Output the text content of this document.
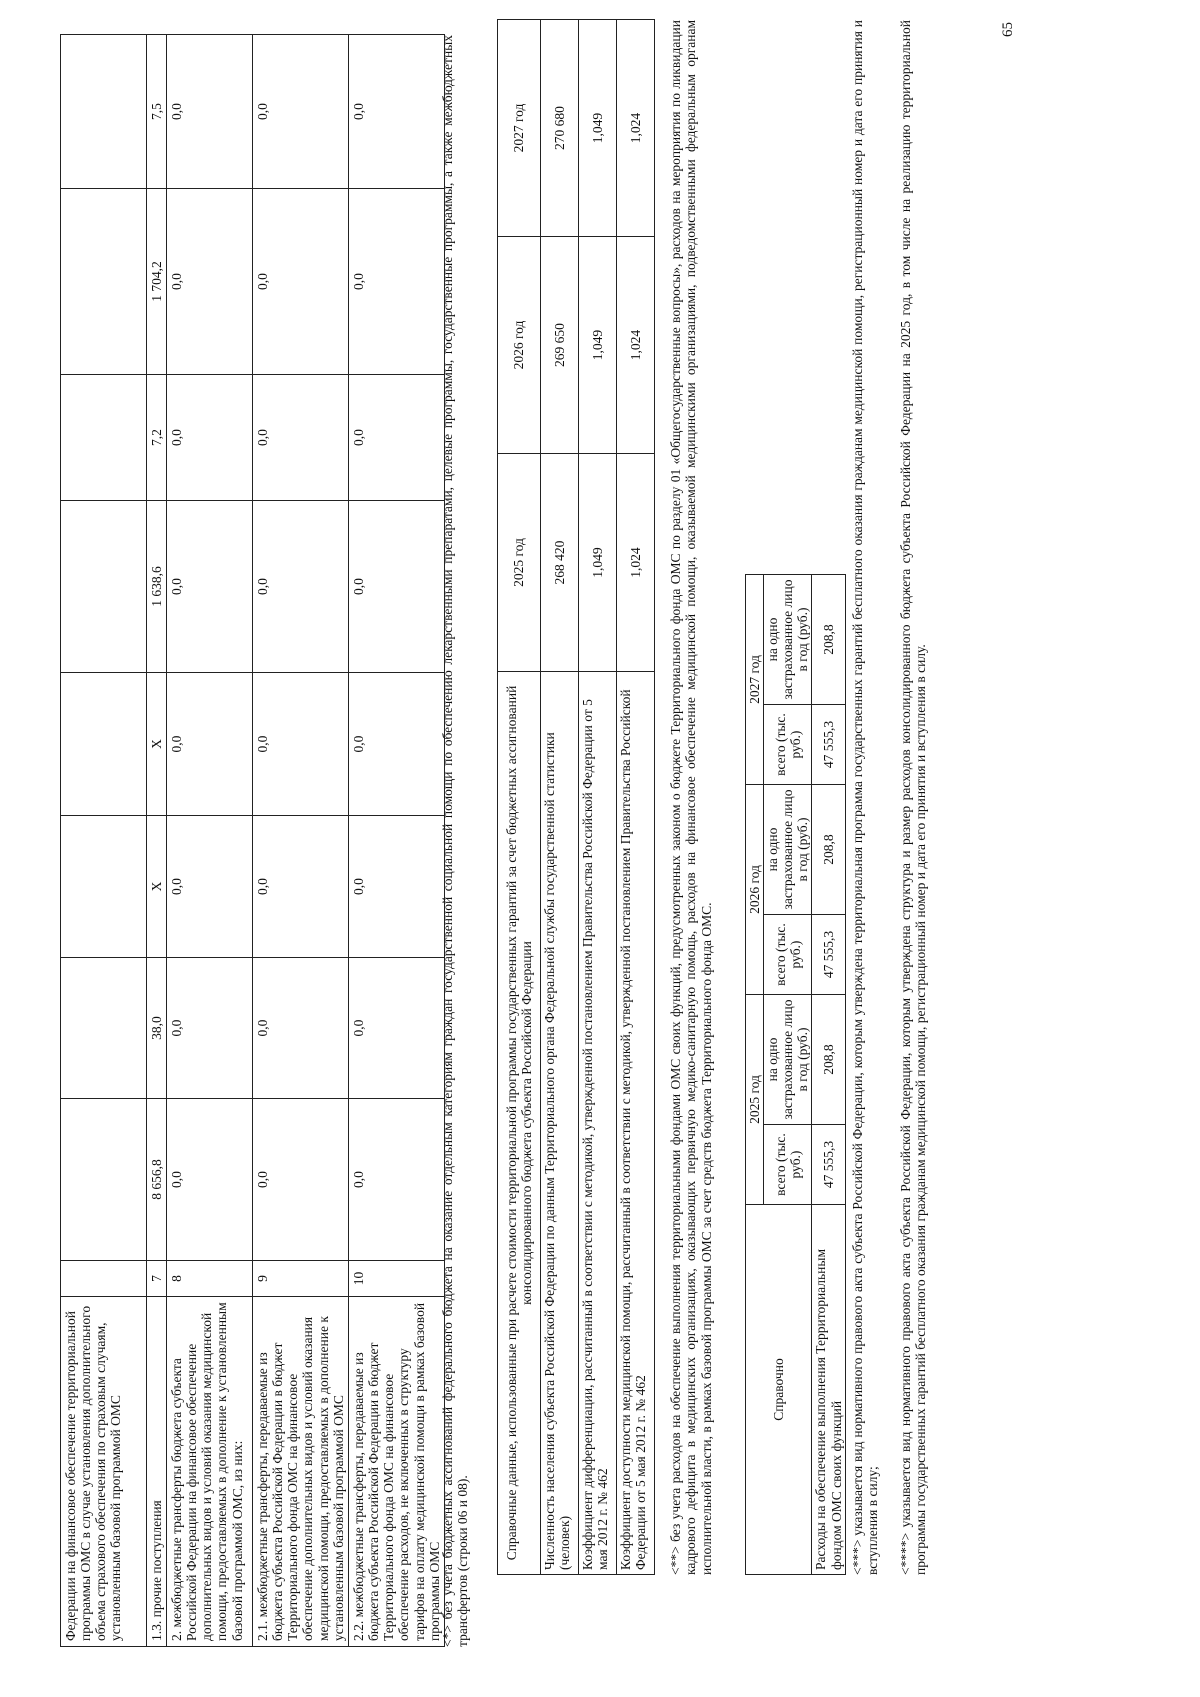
Федерации на финансовое обеспечение территориальной программы ОМС в случае установления дополнительного объема страхового обеспечения по страховым случаям, установленным базовой программой ОМС									
1.3. прочие поступления	7	8 656,8	38,0	X	X	1 638,6	7,2	1 704,2	7,5
2. межбюджетные трансферты бюджета субъекта Российской Федерации на финансовое обеспечение дополнительных видов и условий оказания медицинской помощи, предоставляемых в дополнение к установленным базовой программой ОМС, из них:	8	0,0	0,0	0,0	0,0	0,0	0,0	0,0	0,0
2.1. межбюджетные трансферты, передаваемые из бюджета субъекта Российской Федерации в бюджет Территориального фонда ОМС на финансовое обеспечение дополнительных видов и условий оказания медицинской помощи, предоставляемых в дополнение к установленным базовой программой ОМС	9	0,0	0,0	0,0	0,0	0,0	0,0	0,0	0,0
2.2. межбюджетные трансферты, передаваемые из бюджета субъекта Российской Федерации в бюджет Территориального фонда ОМС на финансовое обеспечение расходов, не включенных в структуру тарифов на оплату медицинской помощи в рамках базовой программы ОМС	10	0,0	0,0	0,0	0,0	0,0	0,0	0,0	0,0	<*> без учета бюджетных ассигнований федерального бюджета на оказание отдельным категориям граждан государственной социальной помощи по обеспечению лекарственными препаратами, целевые программы, государственные программы, а также межбюджетных трансфертов (строки 06 и 08).
Справочные данные, использованные при расчете стоимости территориальной программы государственных гарантий за счет бюджетных ассигнований консолидированного бюджета субъекта Российской Федерации	2025 год	2026 год	2027 год
Численность населения субъекта Российской Федерации по данным Территориального органа Федеральной службы государственной статистики (человек)	268 420	269 650	270 680
Коэффициент дифференциации, рассчитанный в соответствии с методикой, утвержденной постановлением Правительства Российской Федерации от 5 мая 2012 г. № 462	1,049	1,049	1,049
Коэффициент доступности медицинской помощи, рассчитанный в соответствии с методикой, утвержденной постановлением Правительства Российской Федерации от 5 мая 2012 г. № 462	1,024	1,024	1,024 <**> без учета расходов на обеспечение выполнения территориальными фондами ОМС своих функций, предусмотренных законом о бюджете Территориального фонда ОМС по разделу 01 «Общегосударственные вопросы», расходов на мероприятия по ликвидации кадрового дефицита в медицинских организациях, оказывающих первичную медико-санитарную помощь, расходов на финансовое обеспечение медицинской помощи, оказываемой медицинскими организациями, подведомственными федеральным органам исполнительной власти, в рамках базовой программы ОМС за счет средств бюджета Территориального фонда ОМС.	Справочно	2025 год		2026 год		2027 год	
	всего (тыс. руб.)	на одно застрахованное лицо в год (руб.)	всего (тыс. руб.)	на одно застрахованное лицо в год (руб.)	всего (тыс. руб.)	на одно застрахованное лицо в год (руб.)
Расходы на обеспечение выполнения Территориальным фондом ОМС своих функций	47 555,3	208,8	47 555,3	208,8	47 555,3	208,8 <***> указывается вид нормативного правового акта субъекта Российской Федерации, которым утверждена территориальная программа государственных гарантий бесплатного оказания гражданам медицинской помощи, регистрационный номер и дата его принятия и вступления в силу; <****> указывается вид нормативного правового акта субъекта Российской Федерации, которым утверждена структура и размер расходов консолидированного бюджета субъекта Российской Федерации на 2025 год, в том числе на реализацию территориальной программы государственных гарантий бесплатного оказания гражданам медицинской помощи, регистрационный номер и дата его принятия и вступления в силу.
65
